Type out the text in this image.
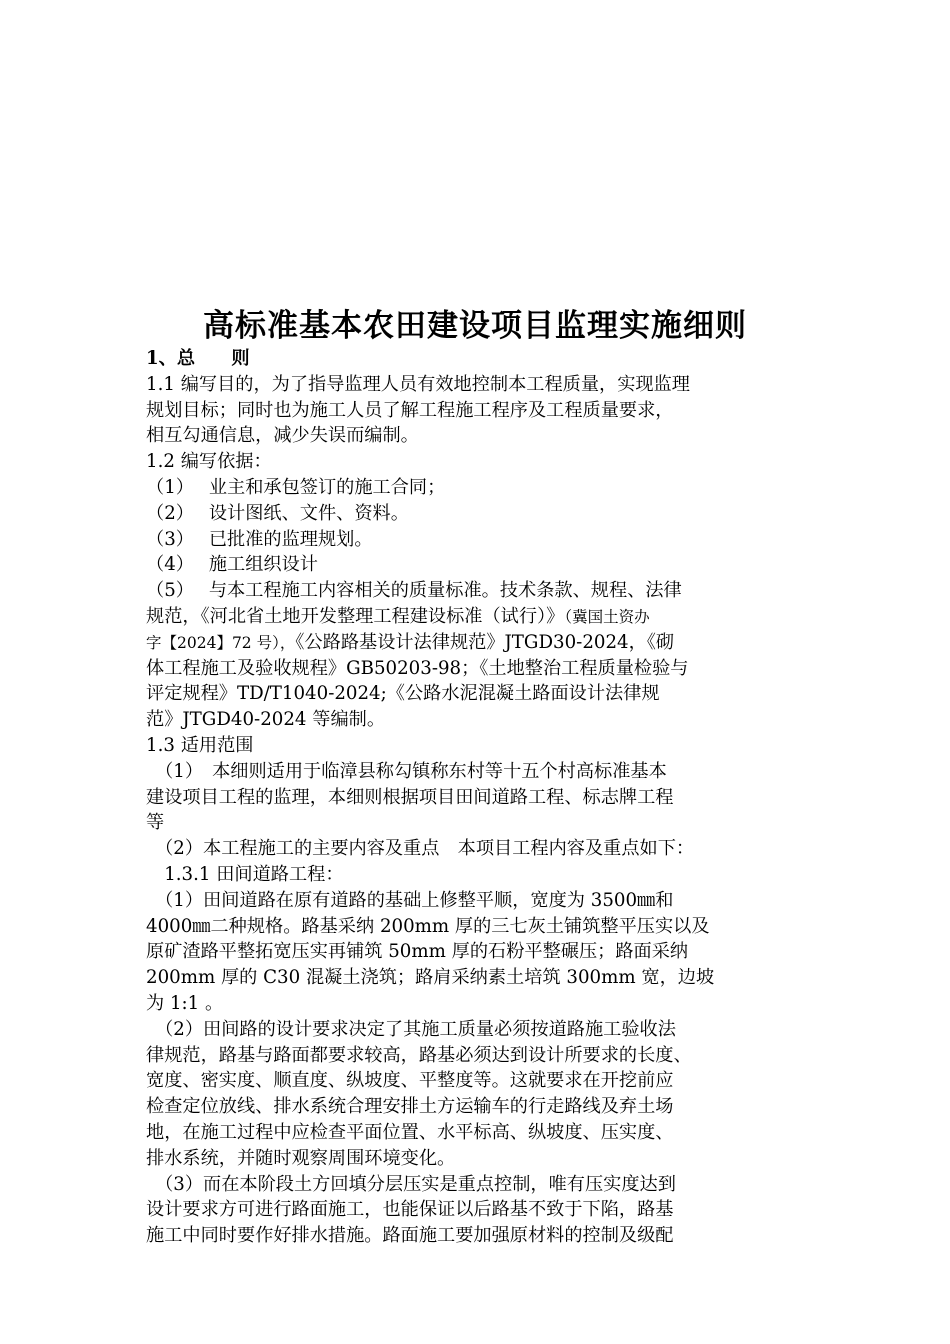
高标准基本农田建设项目监理实施细则
1、总　　则
1.1 编写目的，为了指导监理人员有效地控制本工程质量，实现监理
规划目标；同时也为施工人员了解工程施工程序及工程质量要求，
相互勾通信息，减少失误而编制。
1.2 编写依据：
（1）　 业主和承包签订的施工合同；
（2）　 设计图纸、文件、资料。
（3）　 已批准的监理规划。
（4）　 施工组织设计
（5）　 与本工程施工内容相关的质量标准。技术条款、规程、法律
规范，《河北省土地开发整理工程建设标准（试行）》（冀国土资办
字【2024】72 号），《公路路基设计法律规范》JTGD30-2024，《砌
体工程施工及验收规程》GB50203-98；《土地整治工程质量检验与
评定规程》TD/T1040-2024;《公路水泥混凝土路面设计法律规
范》JTGD40-2024 等编制。
1.3 适用范围
　（1）　本细则适用于临漳县称勾镇称东村等十五个村高标准基本
建设项目工程的监理，本细则根据项目田间道路工程、标志牌工程
等
　（2）本工程施工的主要内容及重点　本项目工程内容及重点如下：
　1.3.1 田间道路工程：
　（1）田间道路在原有道路的基础上修整平顺，宽度为 3500㎜和
4000㎜二种规格。路基采纳 200mm 厚的三七灰土铺筑整平压实以及
原矿渣路平整拓宽压实再铺筑 50mm 厚的石粉平整碾压；路面采纳
200mm 厚的 C30 混凝土浇筑；路肩采纳素土培筑 300mm 宽，边坡
为 1:1 。
　（2）田间路的设计要求决定了其施工质量必须按道路施工验收法
律规范，路基与路面都要求较高，路基必须达到设计所要求的长度、
宽度、密实度、顺直度、纵坡度、平整度等。这就要求在开挖前应
检查定位放线、排水系统合理安排土方运输车的行走路线及弃土场
地，在施工过程中应检查平面位置、水平标高、纵坡度、压实度、
排水系统，并随时观察周围环境变化。
　（3）而在本阶段土方回填分层压实是重点控制，唯有压实度达到
设计要求方可进行路面施工，也能保证以后路基不致于下陷，路基
施工中同时要作好排水措施。路面施工要加强原材料的控制及级配
